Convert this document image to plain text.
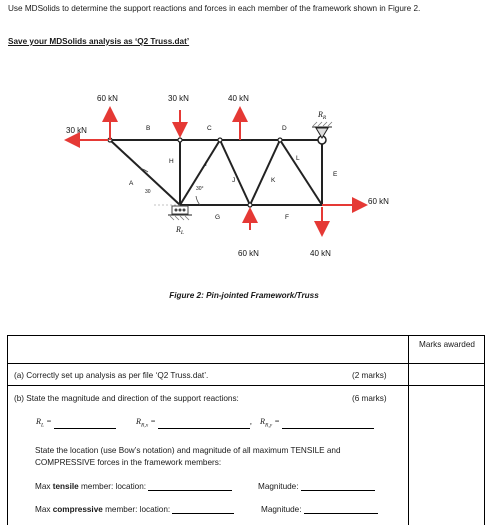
Use MDSolids to determine the support reactions and forces in each member of the framework shown in Figure 2.
Save your MDSolids analysis as ‘Q2 Truss.dat’
60 kN	30 kN	40 kN
30 kN
60 kN
60 kN	40 kN
A
B	C	D
E
F
G
H	I
J	K
L
$R_L$
$R_R$
30	30°
Figure 2: Pin-jointed Framework/Truss
Marks awarded
(a) Correctly set up analysis as per file ‘Q2 Truss.dat’.	(2 marks)
(b) State the magnitude and direction of the support reactions:	(6 marks)
$R_L$ =	$R_{R,x}$ =	, $R_{R,y}$ =
State the location (use Bow’s notation) and magnitude of all maximum TENSILE and COMPRESSIVE forces in the framework members:
Max tensile member: location:	Magnitude:
Max compressive member: location:	Magnitude:
